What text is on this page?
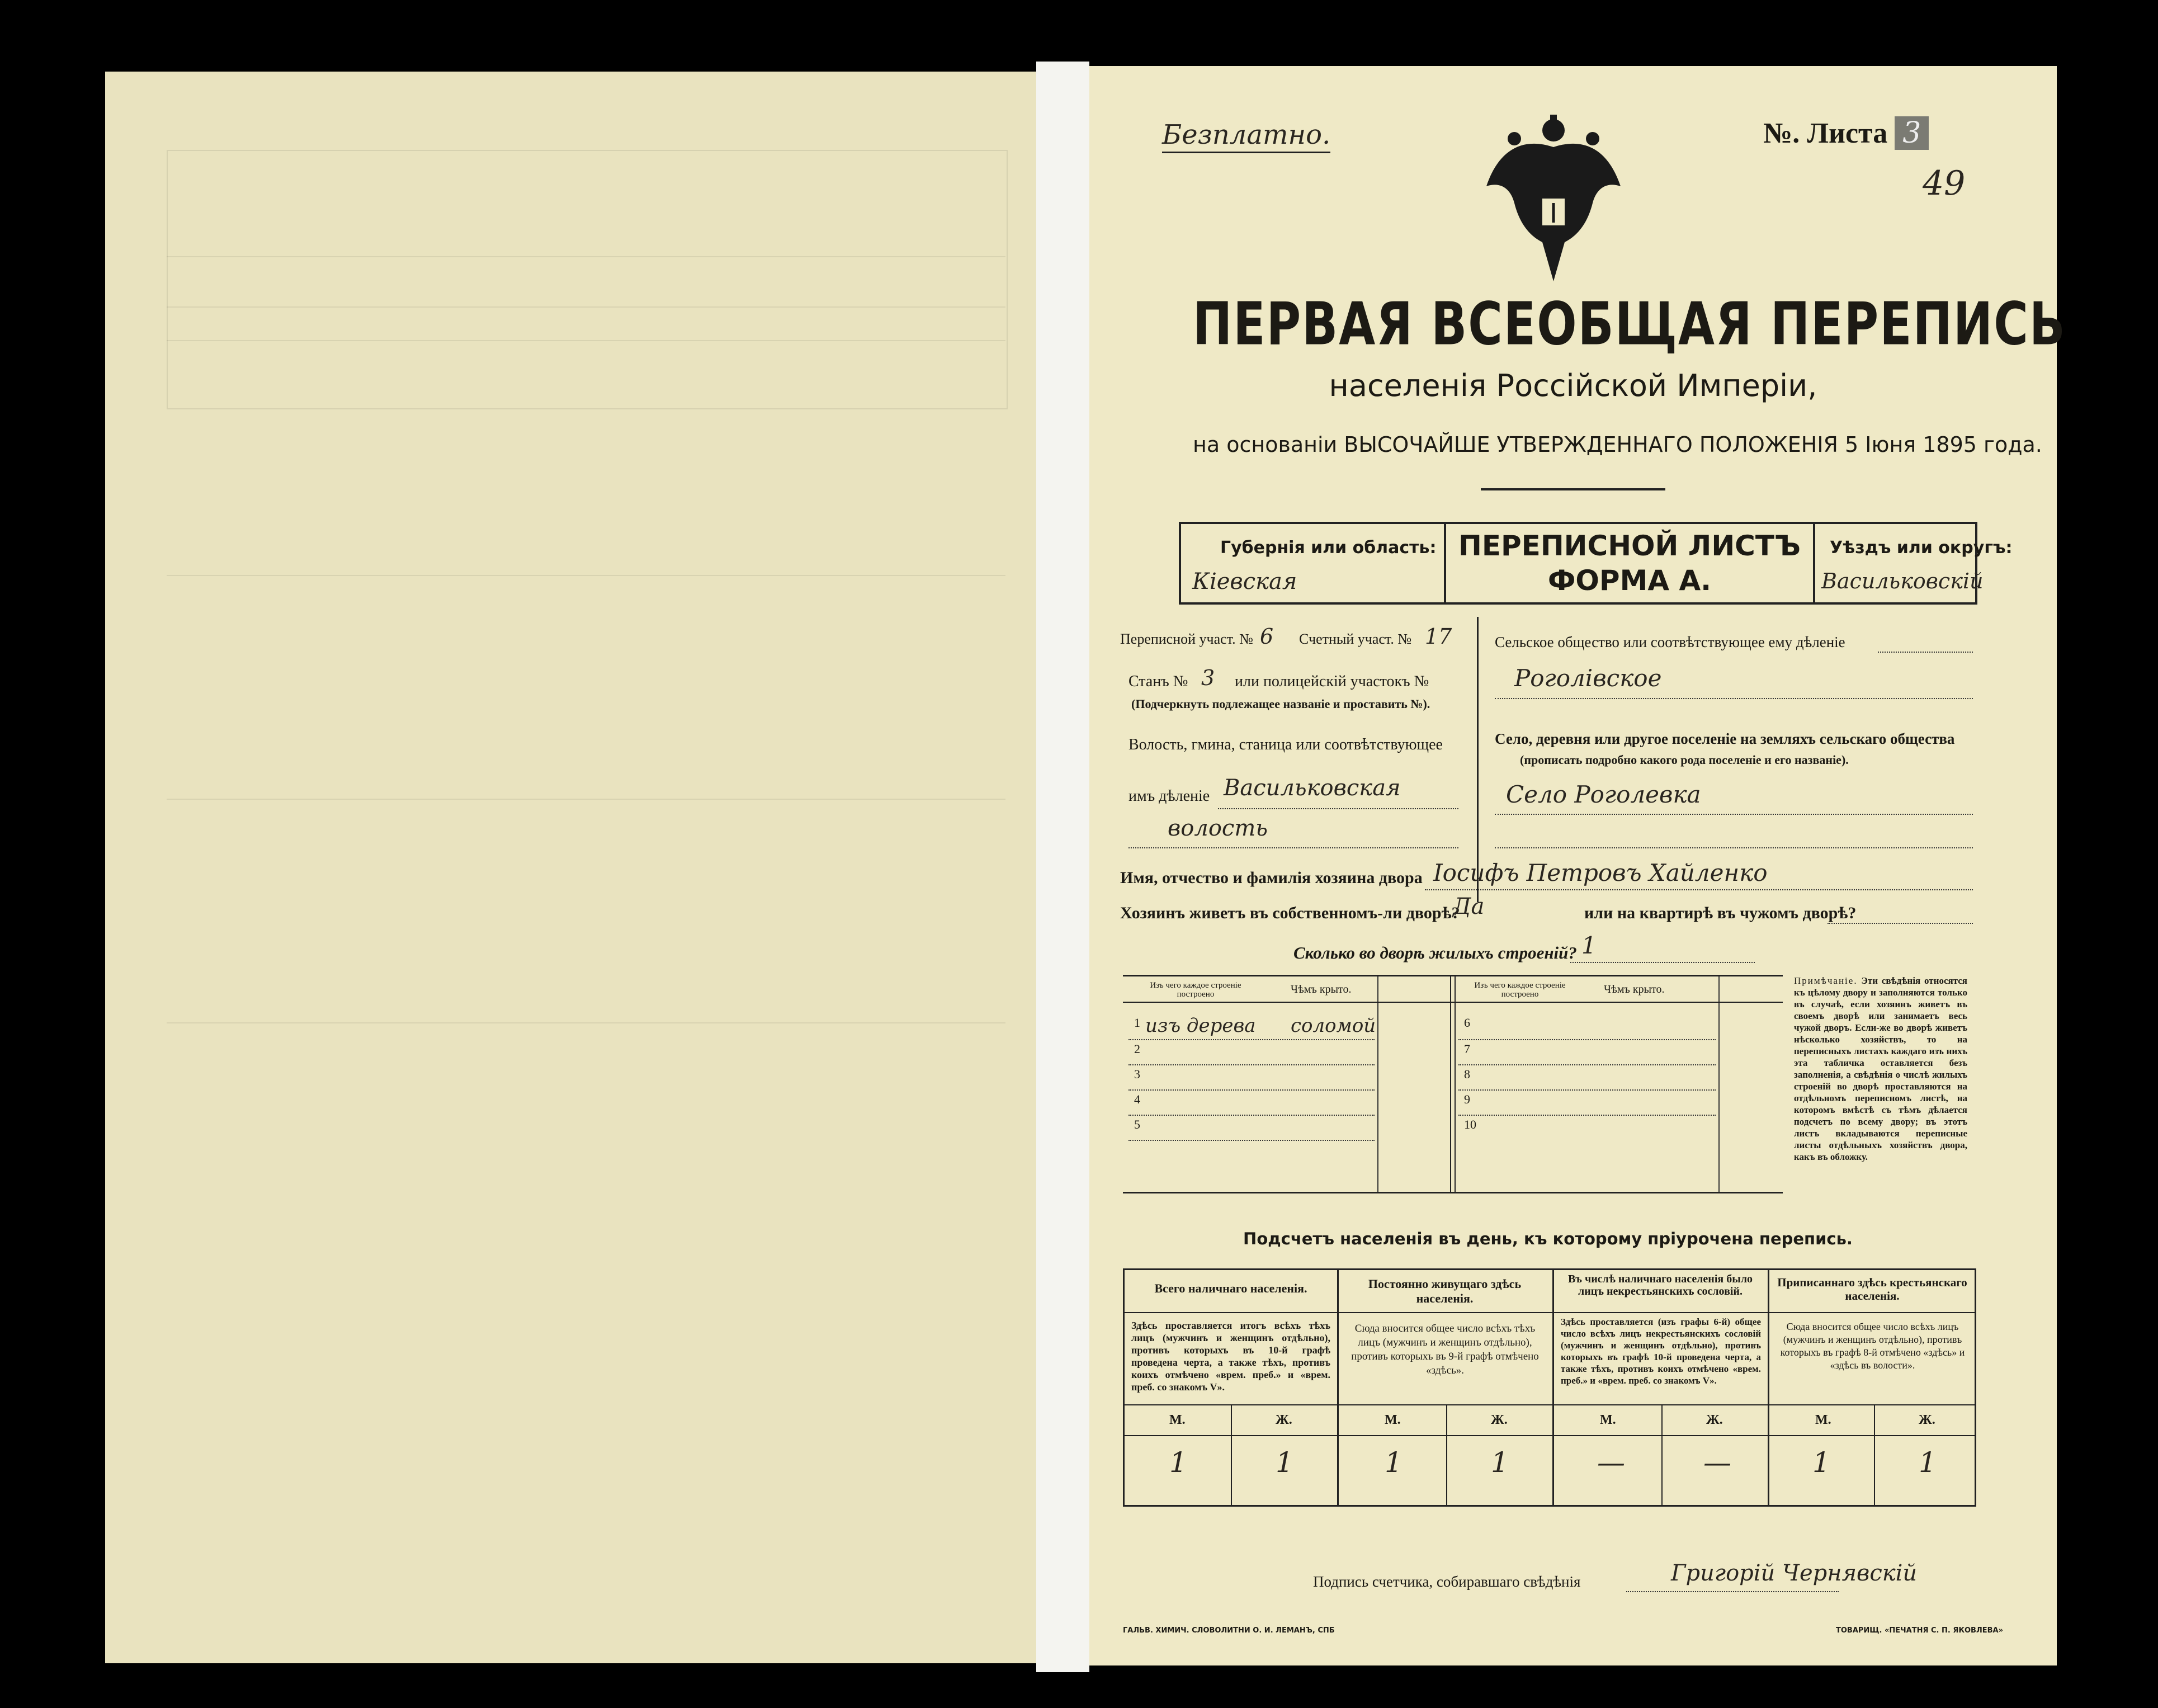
Безплатно.	№. Листа 3
49
ПЕРВАЯ ВСЕОБЩАЯ ПЕРЕПИСЬ
населенія Россійской Имперіи,
на основаніи ВЫСОЧАЙШЕ УТВЕРЖДЕННАГО ПОЛОЖЕНІЯ 5 Іюня 1895 года.
Губернія или область:
Кіевская
ПЕРЕПИСНОЙ ЛИСТЪ
ФОРМА А.
Уѣздъ или округъ:
Васильковскій
Переписной участ. № 6 Счетный участ. № 17
Станъ № 3 или полицейскій участокъ №
(Подчеркнуть подлежащее названіе и проставить №).
Волость, гмина, станица или соотвѣтствующее
имъ дѣленіе Васильковская
волость
Сельское общество или соотвѣтствующее ему дѣленіе
Роголівское
Село, деревня или другое поселеніе на земляхъ сельскаго общества
(прописать подробно какого рода поселеніе и его названіе).
Село Роголевка
Имя, отчество и фамилія хозяина двора Іосифъ Петровъ Хайленко
Хозяинъ живетъ въ собственномъ-ли дворѣ?
Да	или на квартирѣ въ чужомъ дворѣ?
Сколько во дворѣ жилыхъ строеній? 1
Изъ чего каждое строеніе построено	Чѣмъ крыто.	Изъ чего каждое строеніе построено	Чѣмъ крыто.
1 изъ дерева соломой
2
3
4
5
6
7
8
9
10
Примѣчаніе. Эти свѣдѣнія относятся къ цѣлому двору и заполняются только въ случаѣ, если хозяинъ живетъ въ своемъ дворѣ или занимаетъ весь чужой дворъ. Если-же во дворѣ живетъ нѣсколько хозяйствъ, то на переписныхъ листахъ каждаго изъ нихъ эта табличка оставляется безъ заполненія, а свѣдѣнія о числѣ жилыхъ строеній во дворѣ проставляются на отдѣльномъ переписномъ листѣ, на которомъ вмѣстѣ съ тѣмъ дѣлается подсчетъ по всему двору; въ этотъ листъ вкладываются переписные листы отдѣльныхъ хозяйствъ двора, какъ въ обложку.
Подсчетъ населенія въ день, къ которому пріурочена перепись.
Всего наличнаго населенія.
Здѣсь проставляется итогъ всѣхъ тѣхъ лицъ (мужчинъ и женщинъ отдѣльно), противъ которыхъ въ 10-й графѣ проведена черта, а также тѣхъ, противъ коихъ отмѣчено «врем. преб.» и «врем. преб. со знакомъ V».
М.	Ж.
1	1
Постоянно живущаго здѣсь населенія.
Сюда вносится общее число всѣхъ тѣхъ лицъ (мужчинъ и женщинъ отдѣльно), противъ которыхъ въ 9-й графѣ отмѣчено «здѣсь».
М.	Ж.
1	1
Въ числѣ наличнаго населенія было лицъ некрестьянскихъ сословій.
Здѣсь проставляется (изъ графы 6-й) общее число всѣхъ лицъ некрестьянскихъ сословій (мужчинъ и женщинъ отдѣльно), противъ которыхъ въ графѣ 10-й проведена черта, а также тѣхъ, противъ коихъ отмѣчено «врем. преб.» и «врем. преб. со знакомъ V».
М.	Ж.
—	—
Приписаннаго здѣсь крестьянскаго населенія.
Сюда вносится общее число всѣхъ лицъ (мужчинъ и женщинъ отдѣльно), противъ которыхъ въ графѣ 8-й отмѣчено «здѣсь» и «здѣсь въ волости».
М.	Ж.
1	1
Подпись счетчика, собиравшаго свѣдѣнія	Григорій Чернявскій
ГАЛЬВ. ХИМИЧ. СЛОВОЛИТНИ О. И. ЛЕМАНЪ, СПБ	ТОВАРИЩ. «ПЕЧАТНЯ С. П. ЯКОВЛЕВА»
